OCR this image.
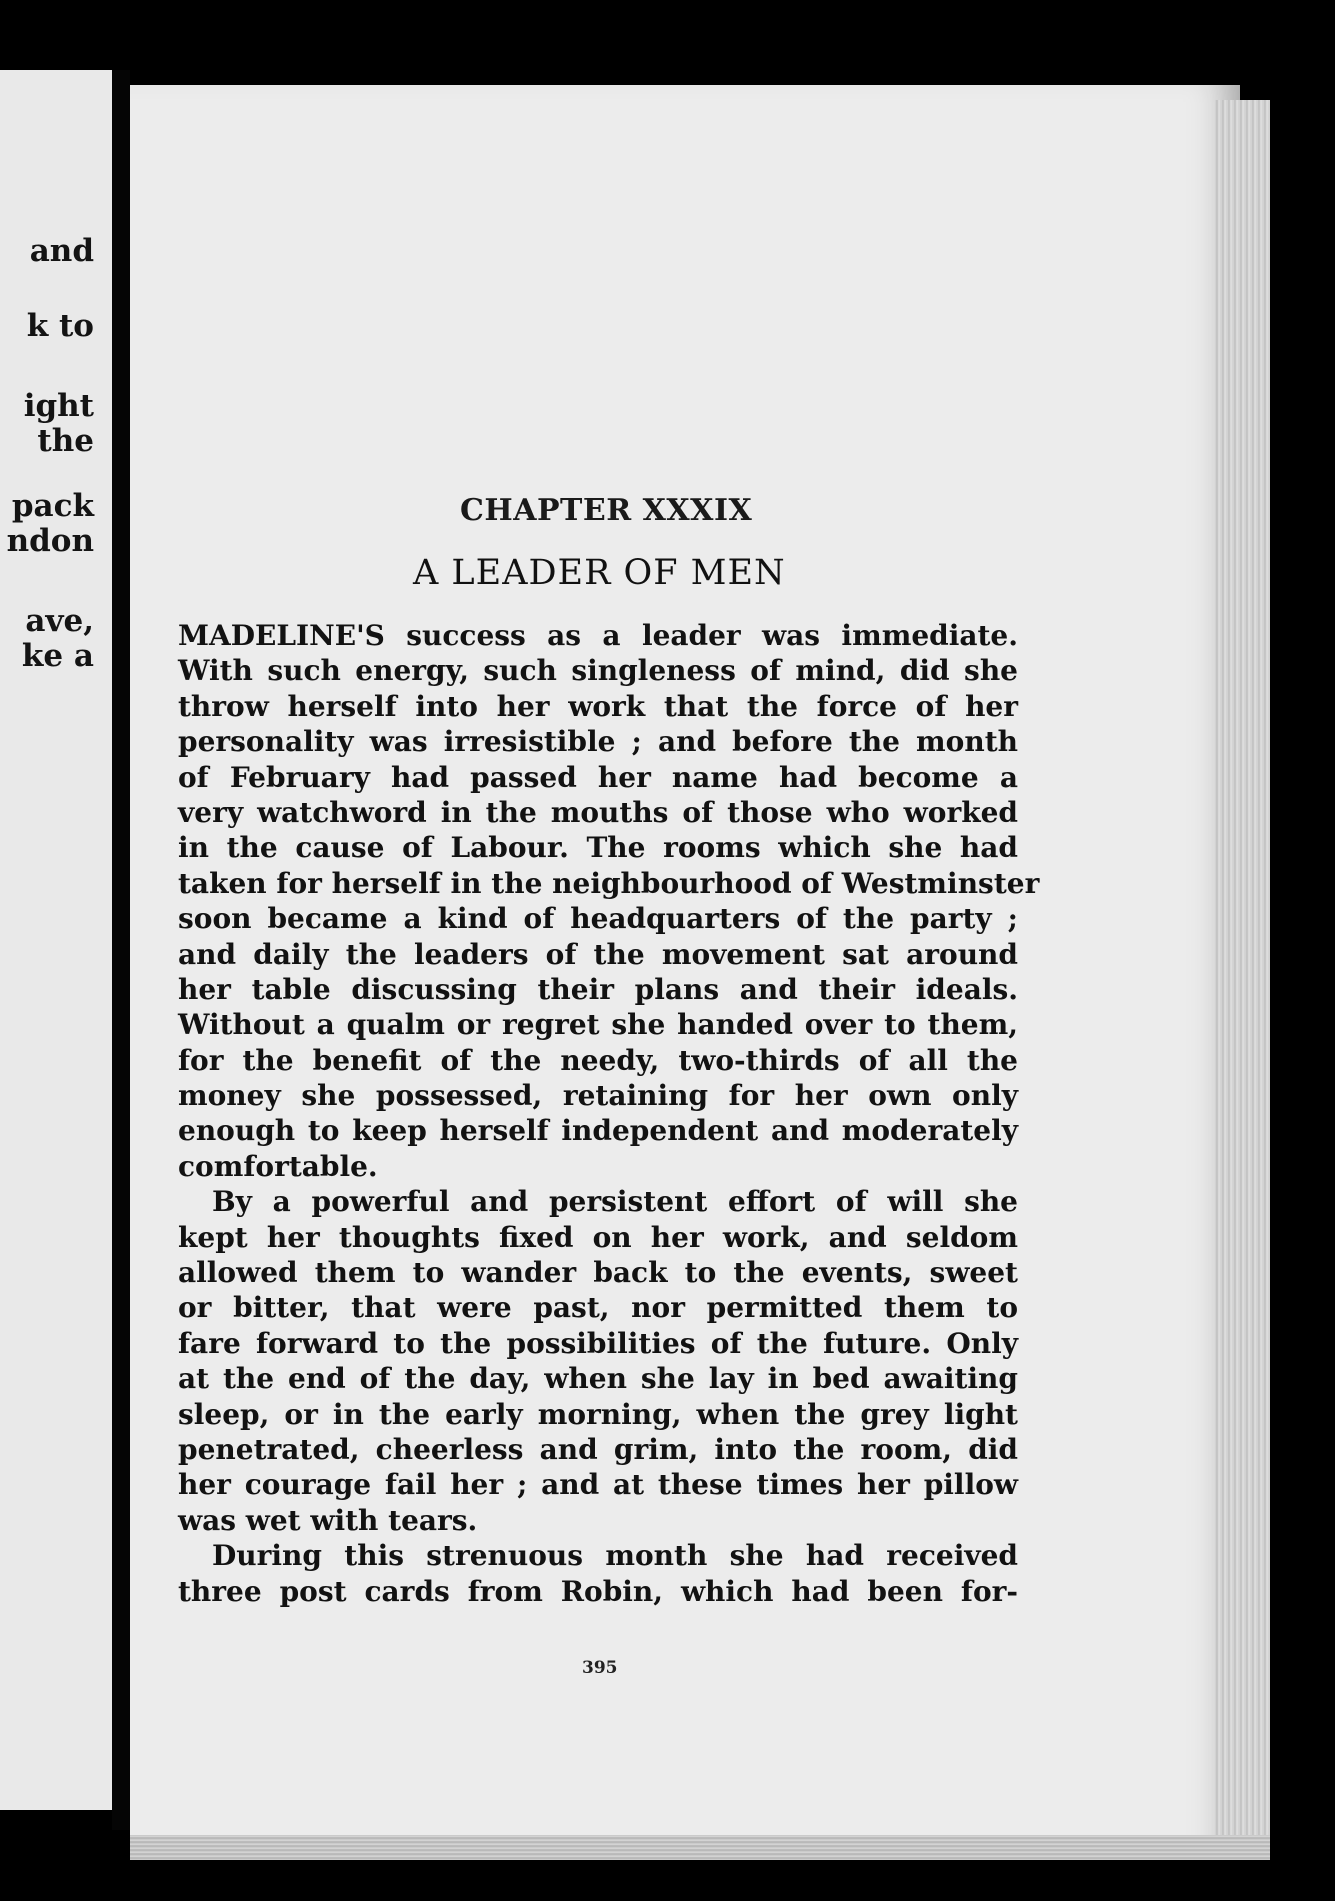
and
k to
ight
the
pack
ndon
ave,
ke a
CHAPTER XXXIX
A LEADER OF MEN
MADELINE'S success as a leader was immediate.
With such energy, such singleness of mind, did she
throw herself into her work that the force of her
personality was irresistible ; and before the month
of February had passed her name had become a
very watchword in the mouths of those who worked
in the cause of Labour. The rooms which she had
taken for herself in the neighbourhood of Westminster
soon became a kind of headquarters of the party ;
and daily the leaders of the movement sat around
her table discussing their plans and their ideals.
Without a qualm or regret she handed over to them,
for the benefit of the needy, two-thirds of all the
money she possessed, retaining for her own only
enough to keep herself independent and moderately
comfortable.
By a powerful and persistent effort of will she
kept her thoughts fixed on her work, and seldom
allowed them to wander back to the events, sweet
or bitter, that were past, nor permitted them to
fare forward to the possibilities of the future. Only
at the end of the day, when she lay in bed awaiting
sleep, or in the early morning, when the grey light
penetrated, cheerless and grim, into the room, did
her courage fail her ; and at these times her pillow
was wet with tears.
During this strenuous month she had received
three post cards from Robin, which had been for-
395
